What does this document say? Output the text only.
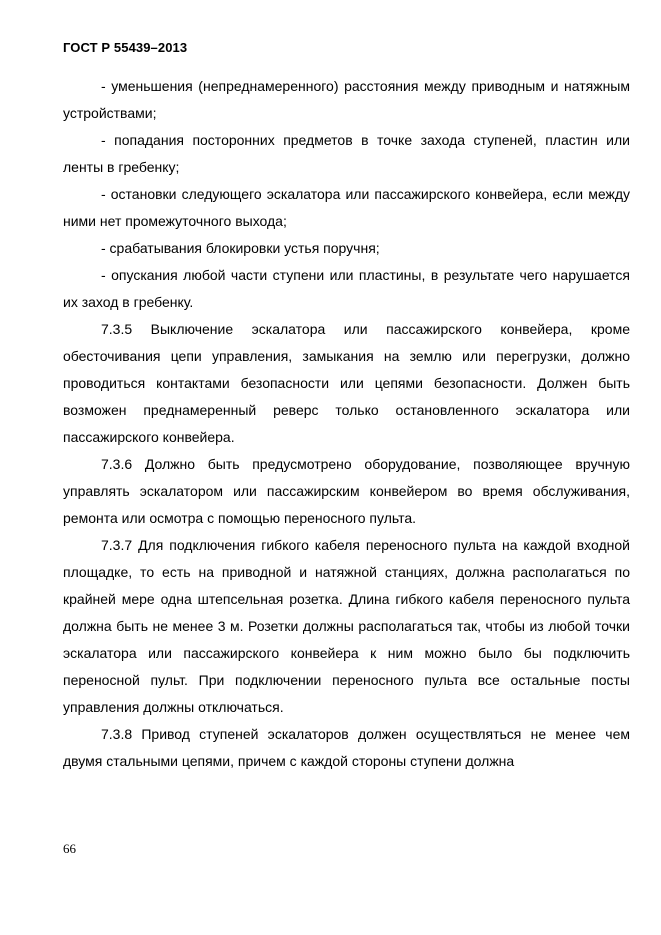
ГОСТ Р 55439–2013

- уменьшения (непреднамеренного) расстояния между приводным и натяжным устройствами;

- попадания посторонних предметов в точке захода ступеней, пластин или ленты в гребенку;

- остановки следующего эскалатора или пассажирского конвейера, если между ними нет промежуточного выхода;

- срабатывания блокировки устья поручня;

- опускания любой части ступени или пластины, в результате чего нарушается их заход в гребенку.

7.3.5 Выключение эскалатора или пассажирского конвейера, кроме обесточивания цепи управления, замыкания на землю или перегрузки, должно проводиться контактами безопасности или цепями безопасности. Должен быть возможен преднамеренный реверс только остановленного эскалатора или пассажирского конвейера.

7.3.6 Должно быть предусмотрено оборудование, позволяющее вручную управлять эскалатором или пассажирским конвейером во время обслуживания, ремонта или осмотра с помощью переносного пульта.

7.3.7 Для подключения гибкого кабеля переносного пульта на каждой входной площадке, то есть на приводной и натяжной станциях, должна располагаться по крайней мере одна штепсельная розетка. Длина гибкого кабеля переносного пульта должна быть не менее 3 м. Розетки должны располагаться так, чтобы из любой точки эскалатора или пассажирского конвейера к ним можно было бы подключить переносной пульт. При подключении переносного пульта все остальные посты управления должны отключаться.

7.3.8 Привод ступеней эскалаторов должен осуществляться не менее чем двумя стальными цепями, причем с каждой стороны ступени должна

66
